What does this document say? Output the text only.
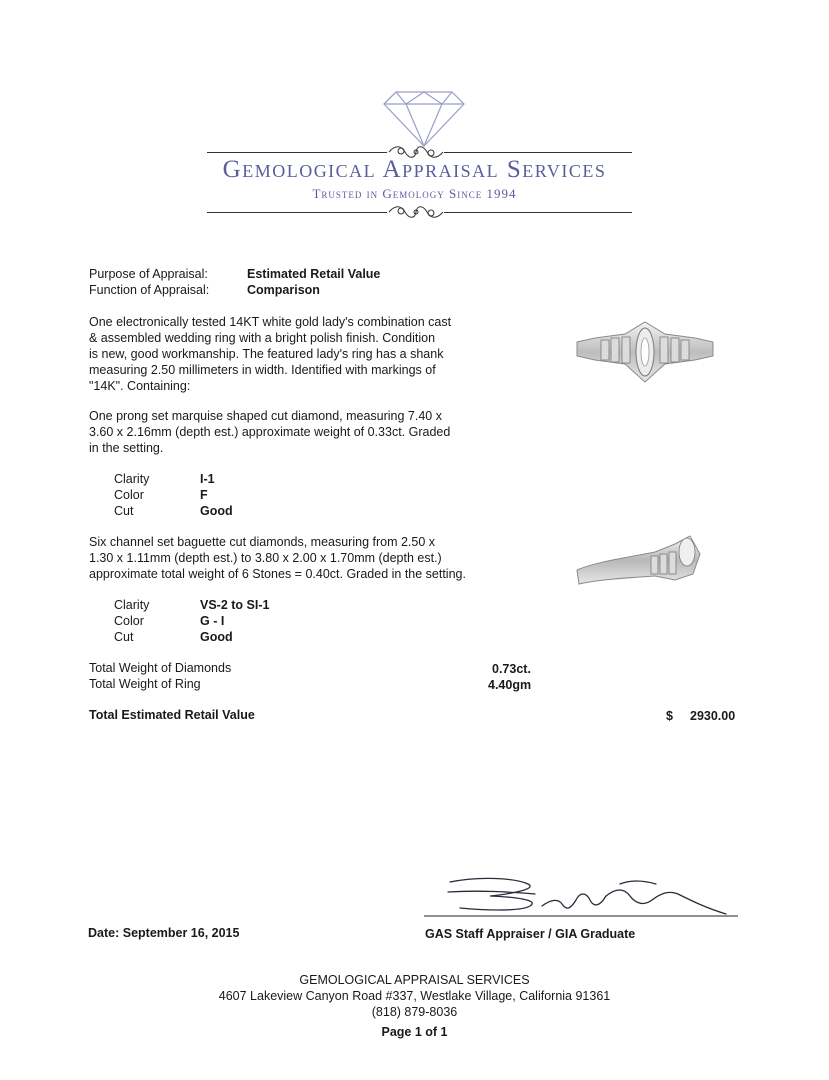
Gemological Appraisal Services
Trusted in Gemology Since 1994
Purpose of Appraisal:	Estimated Retail Value
Function of Appraisal:	Comparison
One electronically tested 14KT white gold lady's combination cast
& assembled wedding ring with a bright polish finish. Condition
is new, good workmanship. The featured lady's ring has a shank
measuring 2.50 millimeters in width. Identified with markings of
"14K". Containing:
One prong set marquise shaped cut diamond, measuring 7.40 x
3.60 x 2.16mm (depth est.) approximate weight of 0.33ct. Graded
in the setting.
Clarity	I-1
Color	F
Cut	Good
Six channel set baguette cut diamonds, measuring from 2.50 x
1.30 x 1.11mm (depth est.) to 3.80 x 2.00 x 1.70mm (depth est.)
approximate total weight of 6 Stones = 0.40ct. Graded in the setting.
Clarity	VS-2 to SI-1
Color	G - I
Cut	Good
Total Weight of Diamonds	0.73ct.
Total Weight of Ring	4.40gm
Total Estimated Retail Value	$ 2930.00
Date: September 16, 2015	GAS Staff Appraiser / GIA Graduate
GEMOLOGICAL APPRAISAL SERVICES
4607 Lakeview Canyon Road #337, Westlake Village, California 91361
(818) 879-8036
Page 1 of 1
